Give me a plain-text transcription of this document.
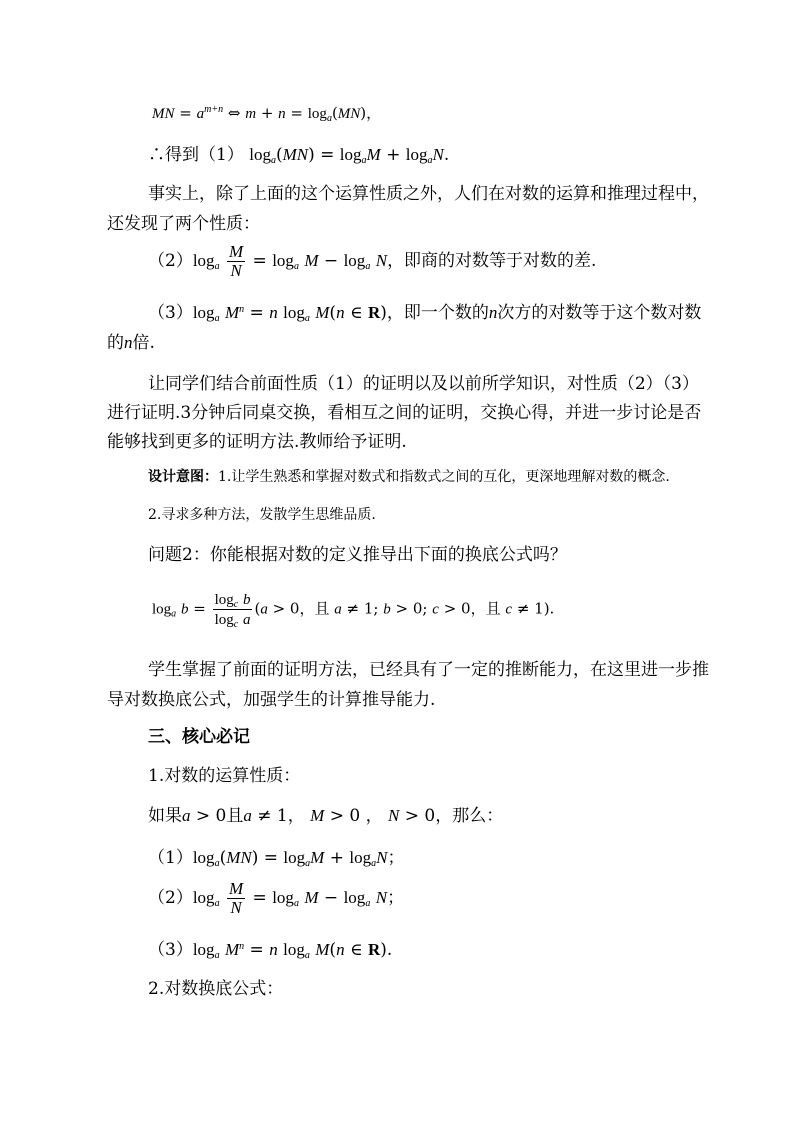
MN = $a^{m+n}$ ⇔ $m + n = \log_a(MN)$，
∴得到（1） $\log_a(MN) = \log_aM + \log_aN$.
事实上，除了上面的这个运算性质之外，人们在对数的运算和推理过程中，
还发现了两个性质：
$(2)\log_a \frac{M}{N} = \log_a M - \log_a N$，即商的对数等于对数的差.
$(3)\log_a$ $M^n = n$ $\log_a M(n$ ∈ R)，即一个数的n次方的对数等于这个数对数
的n倍.
让同学们结合前面性质（1）的证明以及以前所学知识，对性质（2）（3）
进行证明.3分钟后同桌交换，看相互之间的证明，交换心得，并进一步讨论是否
能够找到更多的证明方法.教师给予证明.
设计意图：1.让学生熟悉和掌握对数式和指数式之间的互化，更深地理解对数的概念.
2.寻求多种方法，发散学生思维品质.
问题2：你能根据对数的定义推导出下面的换底公式吗？
$\log_a b = \frac{\log_c b}{\log_c a} (a > 0$，且 a ≠ 1; b > 0; c > 0，且 c ≠ 1).
学生掌握了前面的证明方法，已经具有了一定的推断能力，在这里进一步推
导对数换底公式，加强学生的计算推导能力.
三、核心必记
1.对数的运算性质：
如果a > 0且a ≠ 1， M > 0 ， N > 0，那么：
$(1)\log_a(MN) = \log_aM + \log_aN$；
$(2)\log_a \frac{M}{N} = \log_a M - \log_a N$；
$(3)\log_a$ $M^n = n$ $\log_a M(n$ ∈ R).
2.对数换底公式：
